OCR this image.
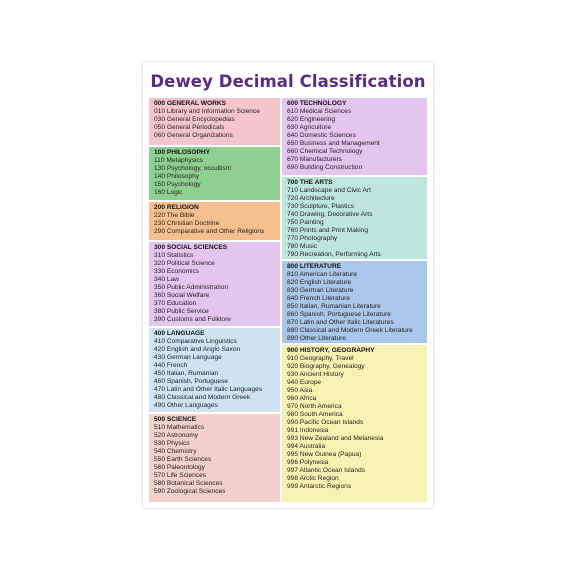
Dewey Decimal Classification
000 GENERAL WORKS
010 Library and Information Science
030 General Encyclopedias
050 General Periodicals
060 General Organizations
100 PHILOSOPHY
110 Metaphysics
130 Psychology, occultism
140 Philosophy
150 Psychology
160 Logic
200 RELIGION
220 The Bible
230 Christian Doctrine
290 Comparative and Other Religions
300 SOCIAL SCIENCES
310 Statistics
320 Political Science
330 Economics
340 Law
350 Public Administration
360 Social Welfare
370 Education
380 Public Service
390 Customs and Folklore
400 LANGUAGE
410 Comparative Linguistics
420 English and Anglo Saxon
430 German Language
440 French
450 Italian, Rumanian
460 Spanish, Portuguese
470 Latin and Other Italic Languages
480 Classical and Modern Greek
490 Other Languages
500 SCIENCE
510 Mathematics
520 Astronomy
530 Physics
540 Chemistry
550 Earth Sciences
560 Paleontology
570 Life Sciences
580 Botanical Sciences
590 Zoological Sciences
600 TECHNOLOGY
610 Medical Sciences
620 Engineering
630 Agriculture
640 Domestic Sciences
650 Business and Management
660 Chemical Technology
670 Manufacturers
690 Building Construction
700 THE ARTS
710 Landscape and Civic Art
720 Architecture
730 Sculpture, Plastics
740 Drawing, Decorative Arts
750 Painting
760 Prints and Print Making
770 Photography
780 Music
790 Recreation, Performing Arts
800 LITERATURE
810 American Literature
820 English Literature
830 German Literature
840 French Literature
850 Italian, Rumanian Literature
860 Spanish, Portuguese Literature
870 Latin and Other Italic Literatures
880 Classical and Modern Greek Literature
890 Other Literature
900 HISTORY, GEOGRAPHY
910 Geography, Travel
920 Biography, Genealogy
930 Ancient History
940 Europe
950 Asia
960 Africa
970 North America
980 South America
990 Pacific Ocean Islands
991 Indonesia
993 New Zealand and Melanesia
994 Australia
995 New Guinea (Papua)
996 Polynesia
997 Atlantic Ocean Islands
998 Arctic Region
999 Antarctic Regions
